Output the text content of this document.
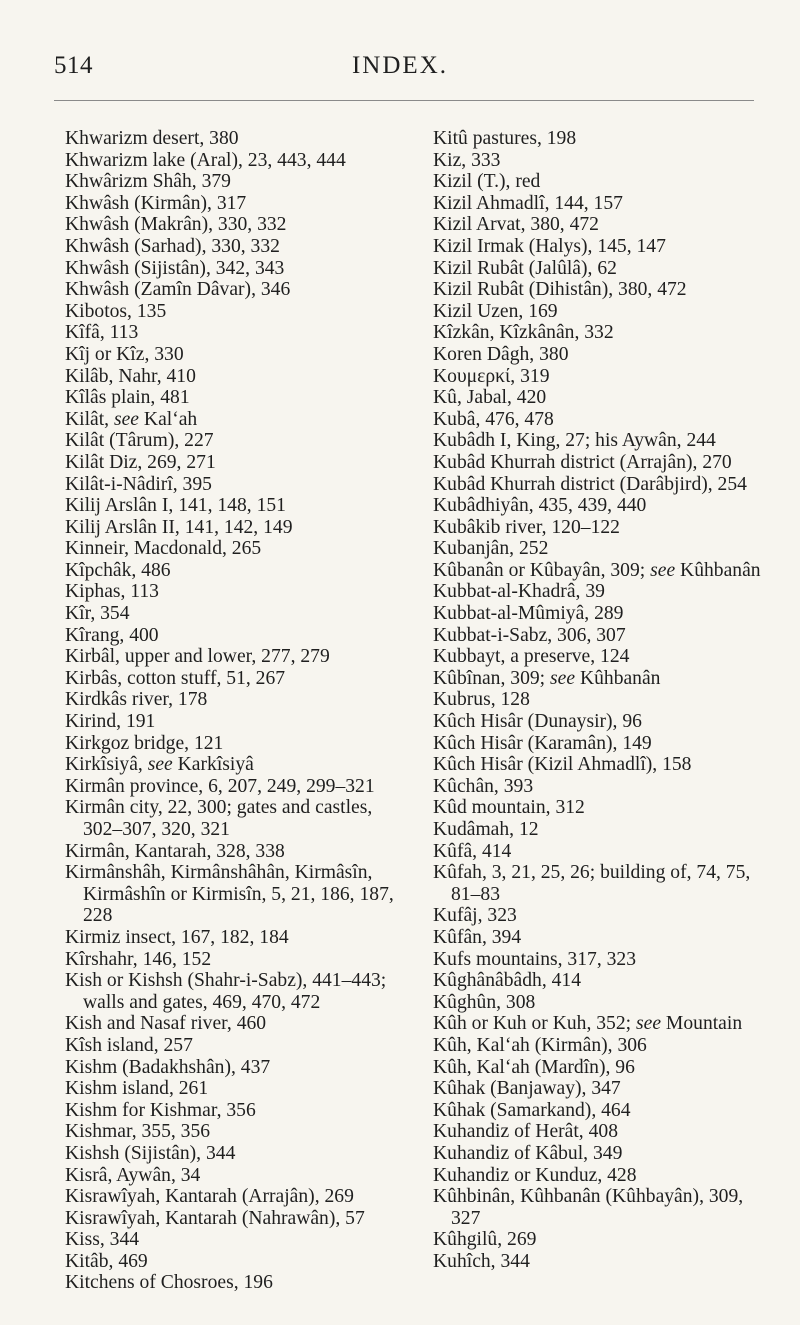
514	INDEX.
Khwarizm desert, 380
Khwarizm lake (Aral), 23, 443, 444
Khwârizm Shâh, 379
Khwâsh (Kirmân), 317
Khwâsh (Makrân), 330, 332
Khwâsh (Sarhad), 330, 332
Khwâsh (Sijistân), 342, 343
Khwâsh (Zamîn Dâvar), 346
Kibotos, 135
Kîfâ, 113
Kîj or Kîz, 330
Kilâb, Nahr, 410
Kîlâs plain, 481
Kilât, see Kal‘ah
Kilât (Târum), 227
Kilât Diz, 269, 271
Kilât-i-Nâdirî, 395
Kilij Arslân I, 141, 148, 151
Kilij Arslân II, 141, 142, 149
Kinneir, Macdonald, 265
Kîpchâk, 486
Kiphas, 113
Kîr, 354
Kîrang, 400
Kirbâl, upper and lower, 277, 279
Kirbâs, cotton stuff, 51, 267
Kirdkâs river, 178
Kirind, 191
Kirkgoz bridge, 121
Kirkîsiyâ, see Karkîsiyâ
Kirmân province, 6, 207, 249, 299–321
Kirmân city, 22, 300; gates and castles, 302–307, 320, 321
Kirmân, Kantarah, 328, 338
Kirmânshâh, Kirmânshâhân, Kirmâsîn, Kirmâshîn or Kirmisîn, 5, 21, 186, 187, 228
Kirmiz insect, 167, 182, 184
Kîrshahr, 146, 152
Kish or Kishsh (Shahr-i-Sabz), 441–443; walls and gates, 469, 470, 472
Kish and Nasaf river, 460
Kîsh island, 257
Kishm (Badakhshân), 437
Kishm island, 261
Kishm for Kishmar, 356
Kishmar, 355, 356
Kishsh (Sijistân), 344
Kisrâ, Aywân, 34
Kisrawîyah, Kantarah (Arrajân), 269
Kisrawîyah, Kantarah (Nahrawân), 57
Kiss, 344
Kitâb, 469
Kitchens of Chosroes, 196
Kitû pastures, 198
Kiz, 333
Kizil (T.), red
Kizil Ahmadlî, 144, 157
Kizil Arvat, 380, 472
Kizil Irmak (Halys), 145, 147
Kizil Rubât (Jalûlâ), 62
Kizil Rubât (Dihistân), 380, 472
Kizil Uzen, 169
Kîzkân, Kîzkânân, 332
Koren Dâgh, 380
Κουμερκί, 319
Kû, Jabal, 420
Kubâ, 476, 478
Kubâdh I, King, 27; his Aywân, 244
Kubâd Khurrah district (Arrajân), 270
Kubâd Khurrah district (Darâbjird), 254
Kubâdhiyân, 435, 439, 440
Kubâkib river, 120–122
Kubanjân, 252
Kûbanân or Kûbayân, 309; see Kûhbanân
Kubbat-al-Khadrâ, 39
Kubbat-al-Mûmiyâ, 289
Kubbat-i-Sabz, 306, 307
Kubbayt, a preserve, 124
Kûbînan, 309; see Kûhbanân
Kubrus, 128
Kûch Hisâr (Dunaysir), 96
Kûch Hisâr (Karamân), 149
Kûch Hisâr (Kizil Ahmadlî), 158
Kûchân, 393
Kûd mountain, 312
Kudâmah, 12
Kûfâ, 414
Kûfah, 3, 21, 25, 26; building of, 74, 75, 81–83
Kufâj, 323
Kûfân, 394
Kufs mountains, 317, 323
Kûghânâbâdh, 414
Kûghûn, 308
Kûh or Kuh or Kuh, 352; see Mountain
Kûh, Kal‘ah (Kirmân), 306
Kûh, Kal‘ah (Mardîn), 96
Kûhak (Banjaway), 347
Kûhak (Samarkand), 464
Kuhandiz of Herât, 408
Kuhandiz of Kâbul, 349
Kuhandiz or Kunduz, 428
Kûhbinân, Kûhbanân (Kûhbayân), 309, 327
Kûhgilû, 269
Kuhîch, 344
